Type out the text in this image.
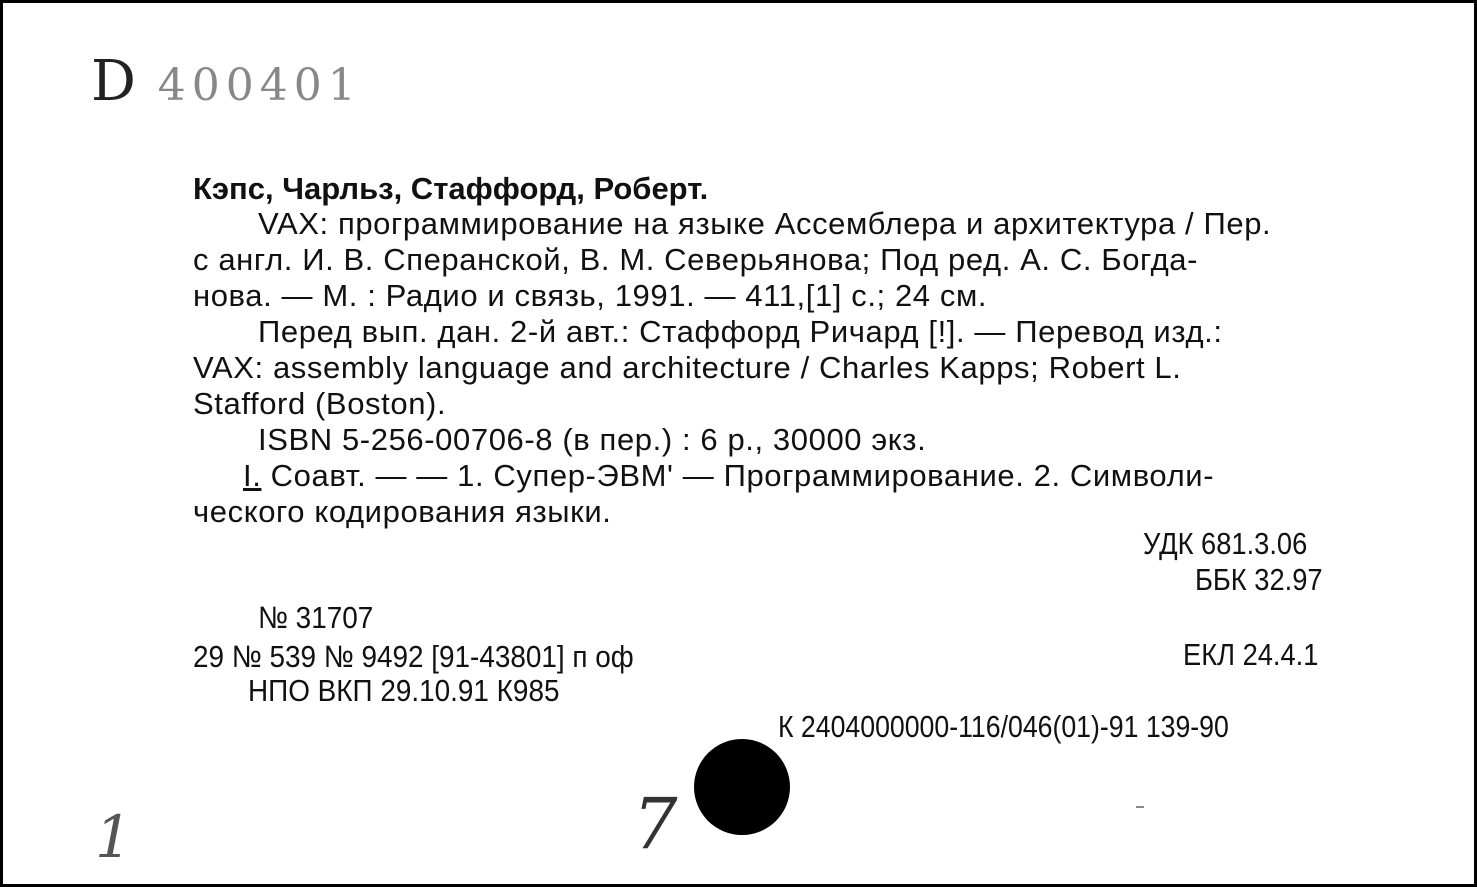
D 400401
Кэпс, Чарльз, Стаффорд, Роберт.
VAX: программирование на языке Ассемблера и архитектура / Пер.
с англ. И. В. Сперанской, В. М. Северьянова; Под ред. А. С. Богда-
нова. — М. : Радио и связь, 1991. — 411,[1] с.; 24 см.
Перед вып. дан. 2-й авт.: Стаффорд Ричард [!]. — Перевод изд.:
VAX: assembly language and architecture / Charles Kapps; Robert L.
Stafford (Boston).
ISBN 5-256-00706-8 (в пер.) : 6 р., 30000 экз.
I. Соавт. — — 1. Супер-ЭВМ' — Программирование. 2. Символи-
ческого кодирования языки.
УДК 681.3.06
ББК 32.97
№ 31707
29 № 539 № 9492 [91-43801] п оф	ЕКЛ 24.4.1
НПО ВКП 29.10.91 К985
К 2404000000-116/046(01)-91 139-90
1	7
